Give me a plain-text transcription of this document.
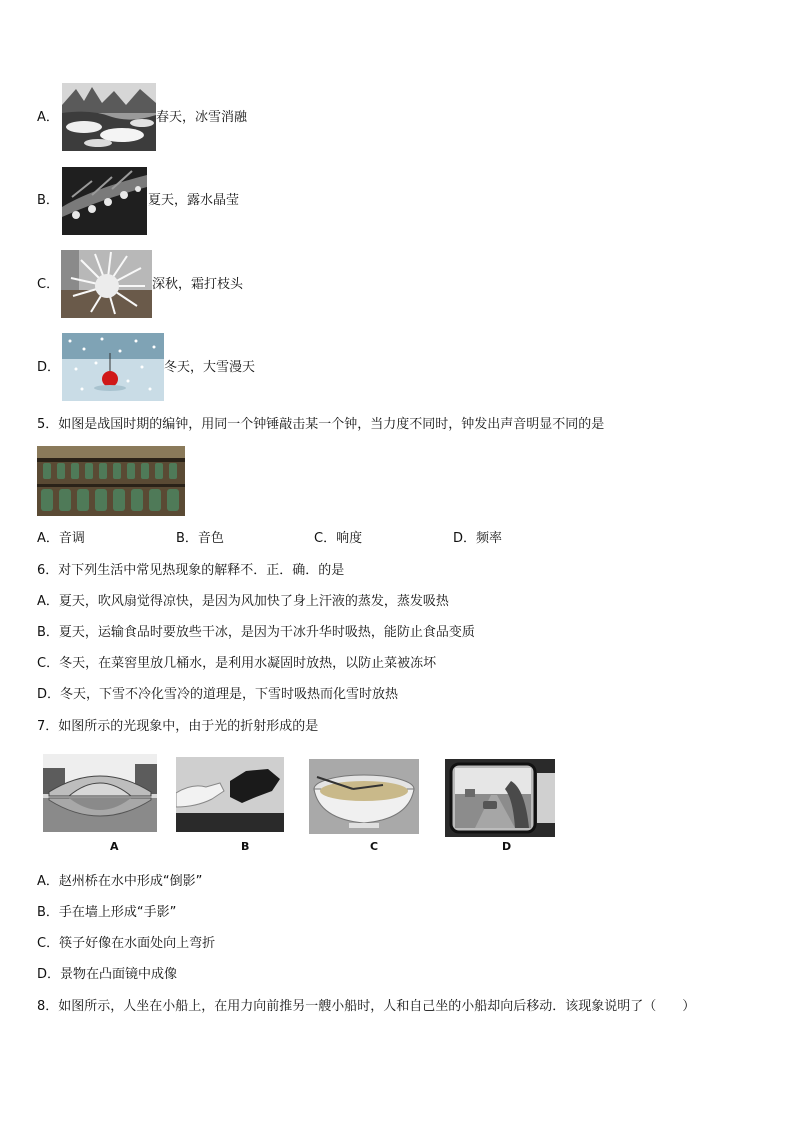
A．	春天，冰雪消融
B．	夏天，露水晶莹
C．	深秋，霜打枝头
D．	冬天，大雪漫天
5．如图是战国时期的编钟，用同一个钟锤敲击某一个钟，当力度不同时，钟发出声音明显不同的是
A．音调	B．音色	C．响度	D．频率
6．对下列生活中常见热现象的解释不．正．确．的是
A．夏天，吹风扇觉得凉快，是因为风加快了身上汗液的蒸发，蒸发吸热
B．夏天，运输食品时要放些干冰，是因为干冰升华时吸热，能防止食品变质
C．冬天，在菜窖里放几桶水，是利用水凝固时放热，以防止菜被冻坏
D．冬天，下雪不冷化雪冷的道理是，下雪时吸热而化雪时放热
7．如图所示的光现象中，由于光的折射形成的是
A	B	C	D
A．赵州桥在水中形成“倒影”
B．手在墙上形成“手影”
C．筷子好像在水面处向上弯折
D．景物在凸面镜中成像
8．如图所示，人坐在小船上，在用力向前推另一艘小船时，人和自己坐的小船却向后移动．该现象说明了（　　）
